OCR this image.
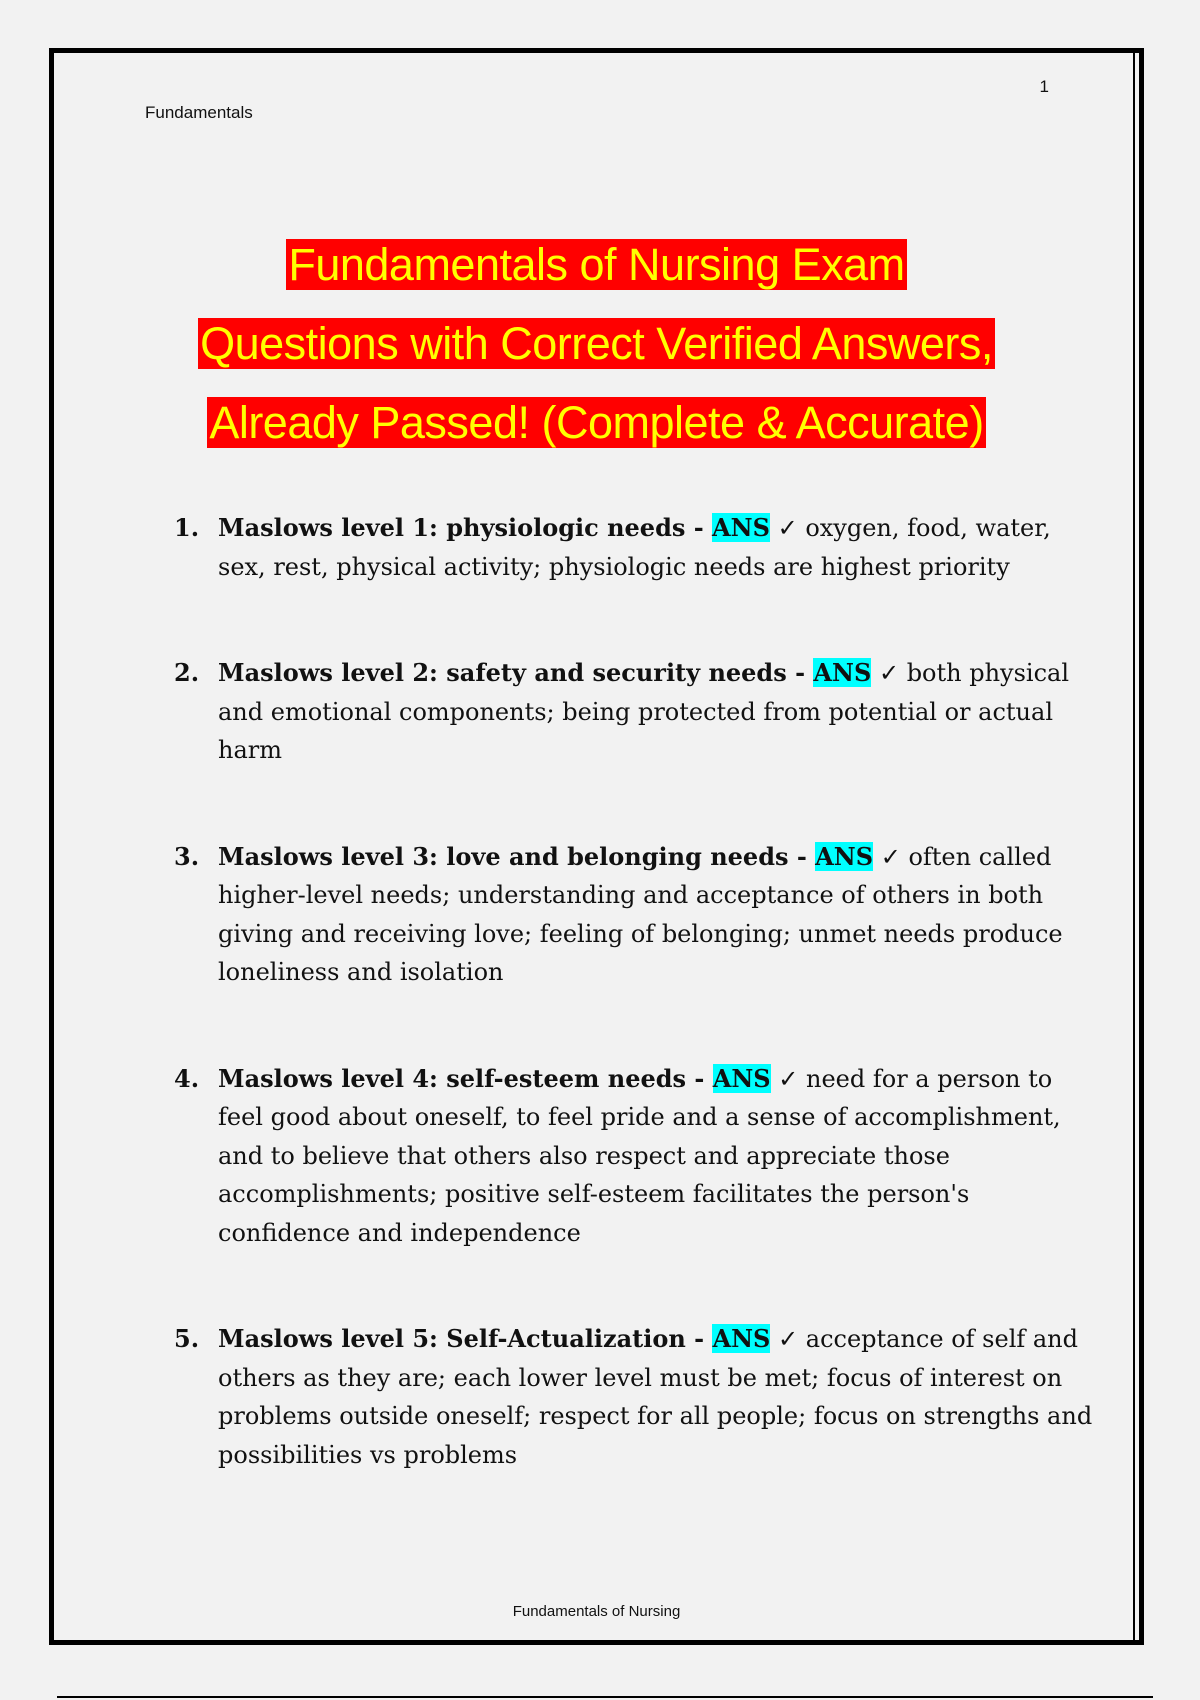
1
Fundamentals
Fundamentals of Nursing Exam
Questions with Correct Verified Answers,
Already Passed! (Complete & Accurate)
1. Maslows level 1: physiologic needs - ANS ✓ oxygen, food, water, sex, rest, physical activity; physiologic needs are highest priority
2. Maslows level 2: safety and security needs - ANS ✓ both physical and emotional components; being protected from potential or actual harm
3. Maslows level 3: love and belonging needs - ANS ✓ often called higher-level needs; understanding and acceptance of others in both giving and receiving love; feeling of belonging; unmet needs produce loneliness and isolation
4. Maslows level 4: self-esteem needs - ANS ✓ need for a person to feel good about oneself, to feel pride and a sense of accomplishment, and to believe that others also respect and appreciate those accomplishments; positive self-esteem facilitates the person's confidence and independence
5. Maslows level 5: Self-Actualization - ANS ✓ acceptance of self and others as they are; each lower level must be met; focus of interest on problems outside oneself; respect for all people; focus on strengths and possibilities vs problems
Fundamentals of Nursing
